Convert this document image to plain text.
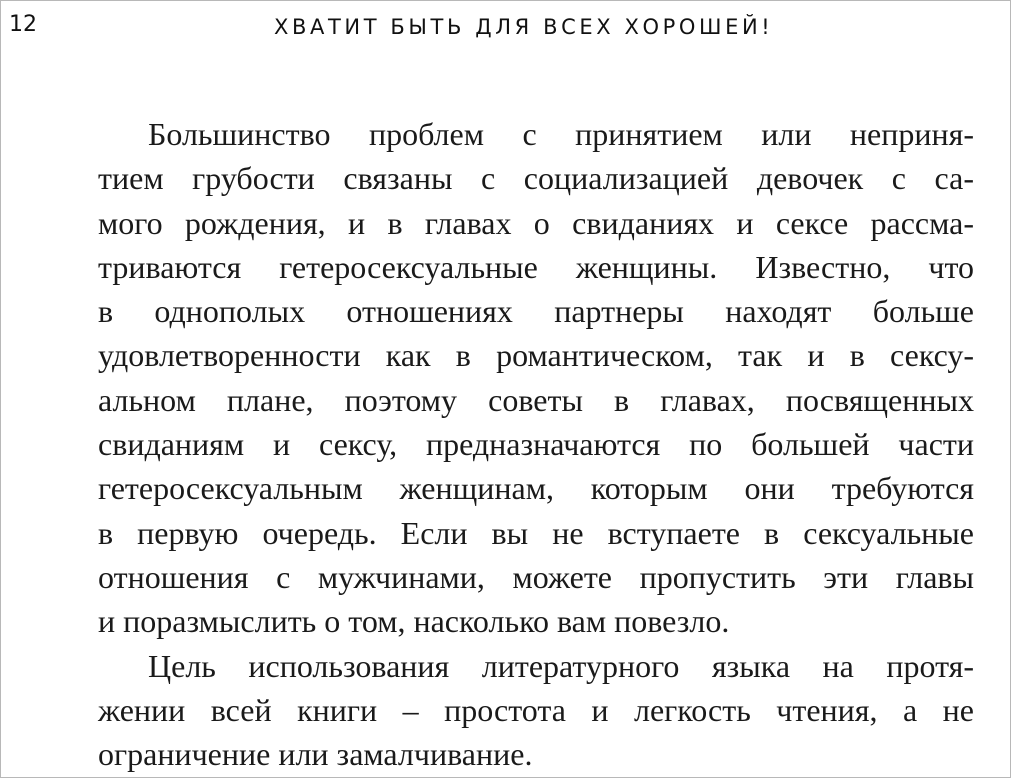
12	ХВАТИТ БЫТЬ ДЛЯ ВСЕХ ХОРОШЕЙ!
Большинство проблем с принятием или неприня-
тием грубости связаны с социализацией девочек с са-
мого рождения, и в главах о свиданиях и сексе рассма-
триваются гетеросексуальные женщины. Известно, что
в однополых отношениях партнеры находят больше
удовлетворенности как в романтическом, так и в сексу-
альном плане, поэтому советы в главах, посвященных
свиданиям и сексу, предназначаются по большей части
гетеросексуальным женщинам, которым они требуются
в первую очередь. Если вы не вступаете в сексуальные
отношения с мужчинами, можете пропустить эти главы
и поразмыслить о том, насколько вам повезло.
Цель использования литературного языка на протя-
жении всей книги – простота и легкость чтения, а не
ограничение или замалчивание.
